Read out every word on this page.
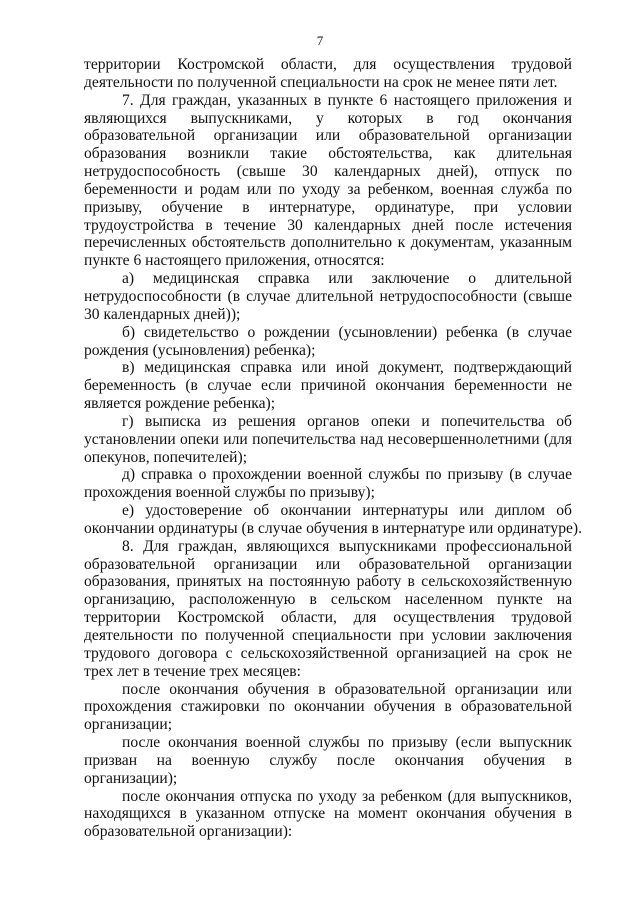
7
территории Костромской области, для осуществления трудовой
деятельности по полученной специальности на срок не менее пяти лет.
7. Для граждан, указанных в пункте 6 настоящего приложения и
являющихся выпускниками, у которых в год окончания
образовательной организации или образовательной организации
образования возникли такие обстоятельства, как длительная
нетрудоспособность (свыше 30 календарных дней), отпуск по
беременности и родам или по уходу за ребенком, военная служба по
призыву, обучение в интернатуре, ординатуре, при условии
трудоустройства в течение 30 календарных дней после истечения
перечисленных обстоятельств дополнительно к документам, указанным
пункте 6 настоящего приложения, относятся:
а) медицинская справка или заключение о длительной
нетрудоспособности (в случае длительной нетрудоспособности (свыше
30 календарных дней));
б) свидетельство о рождении (усыновлении) ребенка (в случае
рождения (усыновления) ребенка);
в) медицинская справка или иной документ, подтверждающий
беременность (в случае если причиной окончания беременности не
является рождение ребенка);
г) выписка из решения органов опеки и попечительства об
установлении опеки или попечительства над несовершеннолетними (для
опекунов, попечителей);
д) справка о прохождении военной службы по призыву (в случае
прохождения военной службы по призыву);
е) удостоверение об окончании интернатуры или диплом об
окончании ординатуры (в случае обучения в интернатуре или ординатуре).
8. Для граждан, являющихся выпускниками профессиональной
образовательной организации или образовательной организации
образования, принятых на постоянную работу в сельскохозяйственную
организацию, расположенную в сельском населенном пункте на
территории Костромской области, для осуществления трудовой
деятельности по полученной специальности при условии заключения
трудового договора с сельскохозяйственной организацией на срок не
трех лет в течение трех месяцев:
после окончания обучения в образовательной организации или
прохождения стажировки по окончании обучения в образовательной
организации;
после окончания военной службы по призыву (если выпускник
призван на военную службу после окончания обучения в
организации);
после окончания отпуска по уходу за ребенком (для выпускников,
находящихся в указанном отпуске на момент окончания обучения в
образовательной организации):
